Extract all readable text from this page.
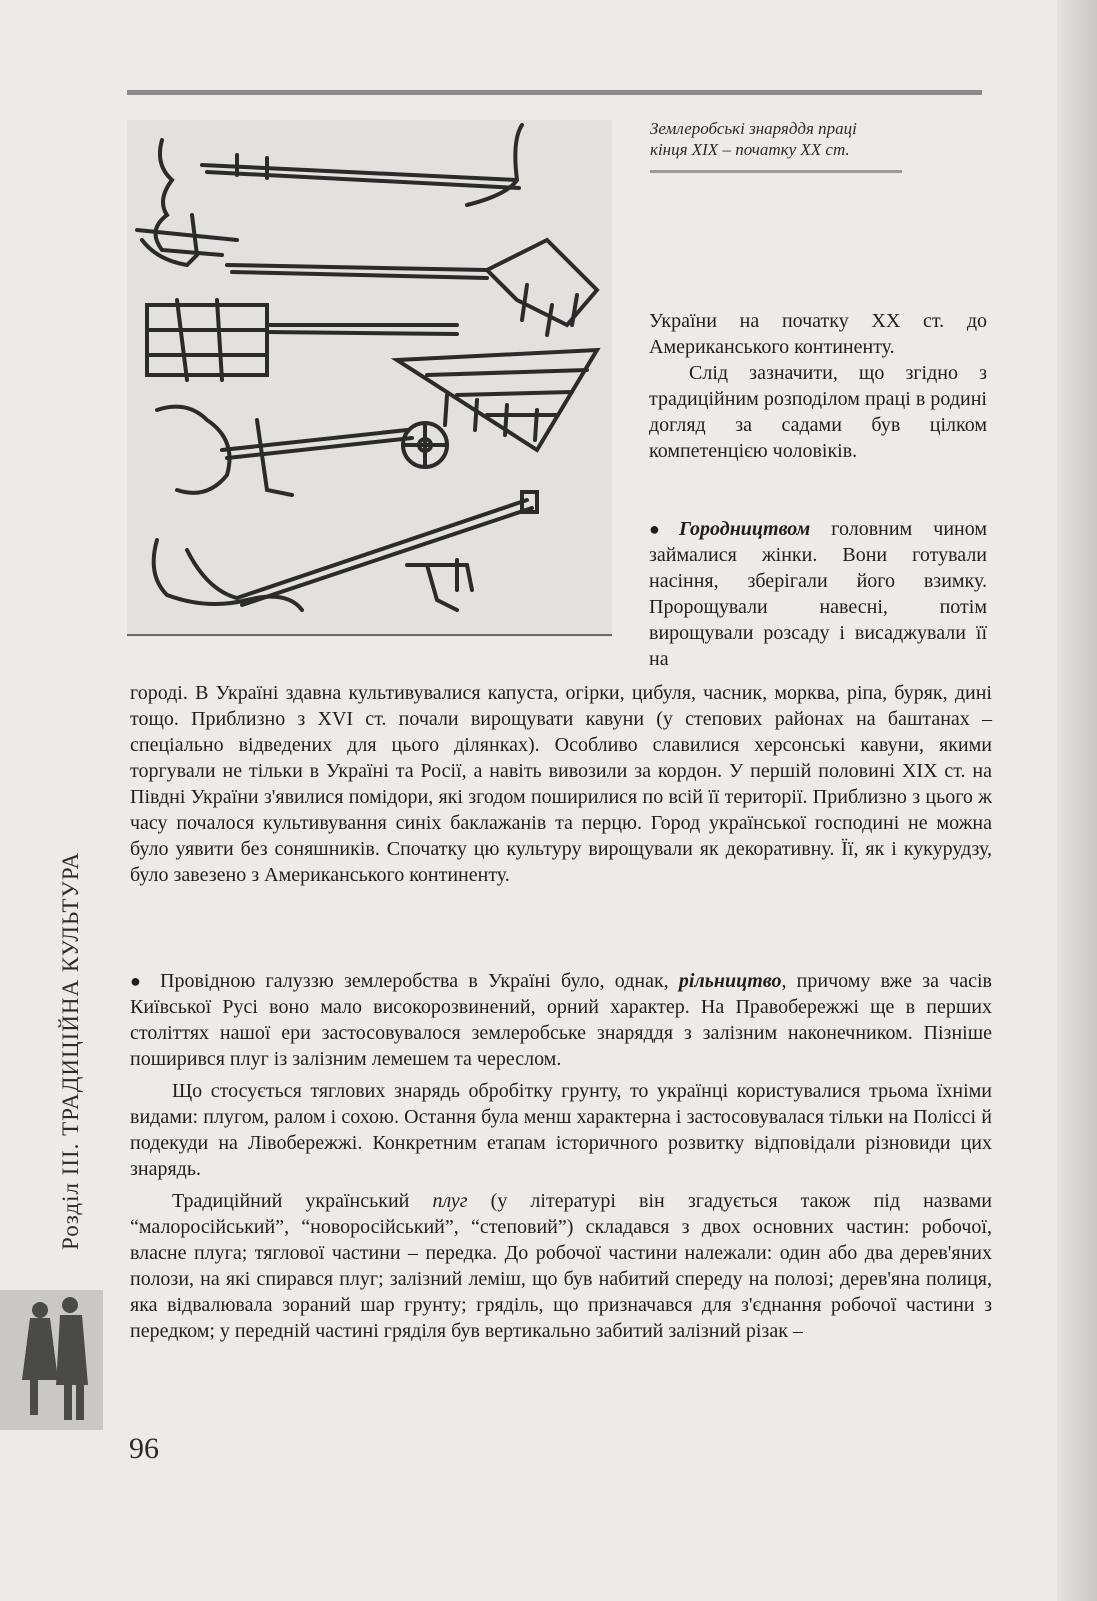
Землеробські знаряддя праці
кінця XIX – початку XX ст.

України на початку XX ст. до Американського континенту.

Слід зазначити, що згідно з традиційним розподілом праці в родині догляд за садами був цілком компетенцією чоловіків.

● Городництвом головним чином займалися жінки. Вони готували насіння, зберігали його взимку. Пророщували навесні, потім вирощували розсаду і висаджували її на

городі. В Україні здавна культивувалися капуста, огірки, цибуля, часник, морква, ріпа, буряк, дині тощо. Приблизно з XVI ст. почали вирощувати кавуни (у степових районах на баштанах – спеціально відведених для цього ділянках). Особливо славилися херсонські кавуни, якими торгували не тільки в Україні та Росії, а навіть вивозили за кордон. У першій половині XIX ст. на Півдні України з'явилися помідори, які згодом поширилися по всій її території. Приблизно з цього ж часу почалося культивування синіх баклажанів та перцю. Город української господині не можна було уявити без соняшників. Спочатку цю культуру вирощували як декоративну. Її, як і кукурудзу, було завезено з Американського континенту.

● Провідною галуззю землеробства в Україні було, однак, рільництво, причому вже за часів Київської Русі воно мало високорозвинений, орний характер. На Правобережжі ще в перших століттях нашої ери застосовувалося землеробське знаряддя з залізним наконечником. Пізніше поширився плуг із залізним лемешем та череслом.

Що стосується тяглових знарядь обробітку грунту, то українці користувалися трьома їхніми видами: плугом, ралом і сохою. Остання була менш характерна і застосовувалася тільки на Поліссі й подекуди на Лівобережжі. Конкретним етапам історичного розвитку відповідали різновиди цих знарядь.

Традиційний український плуг (у літературі він згадується також під назвами “малоросійський”, “новоросійський”, “степовий”) складався з двох основних частин: робочої, власне плуга; тяглової частини – передка. До робочої частини належали: один або два дерев'яних полози, на які спирався плуг; залізний леміш, що був набитий спереду на полозі; дерев'яна полиця, яка відвалювала зораний шар грунту; гряділь, що призначався для з'єднання робочої частини з передком; у передній частині гряділя був вертикально забитий залізний різак –

Розділ III. ТРАДИЦІЙНА КУЛЬТУРА
96
